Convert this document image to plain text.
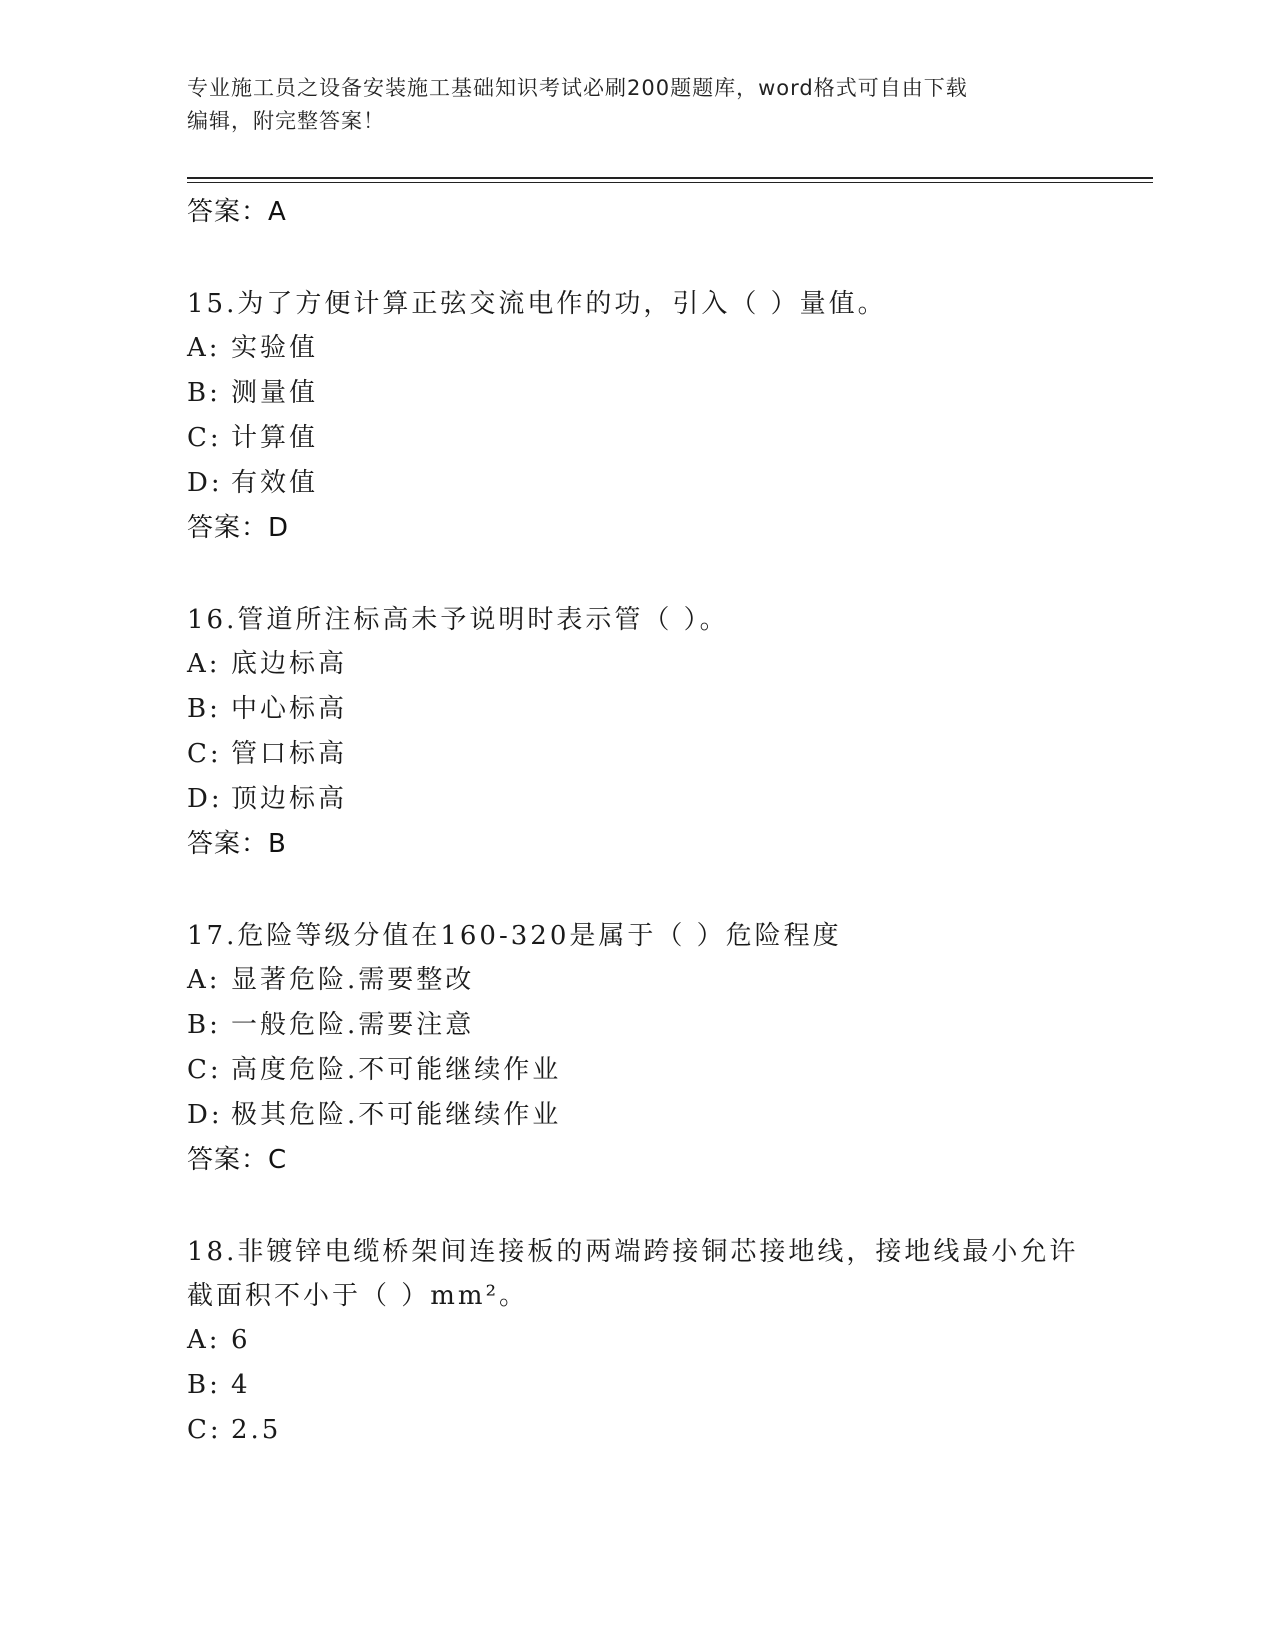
专业施工员之设备安装施工基础知识考试必刷200题题库，word格式可自由下载
编辑，附完整答案！
答案：A
15.为了方便计算正弦交流电作的功，引入（ ）量值。
A: 实验值
B: 测量值
C: 计算值
D: 有效值
答案：D
16.管道所注标高未予说明时表示管（ ）。
A: 底边标高
B: 中心标高
C: 管口标高
D: 顶边标高
答案：B
17.危险等级分值在160-320是属于（ ）危险程度
A: 显著危险.需要整改
B: 一般危险.需要注意
C: 高度危险.不可能继续作业
D: 极其危险.不可能继续作业
答案：C
18.非镀锌电缆桥架间连接板的两端跨接铜芯接地线，接地线最小允许
截面积不小于（ ）mm²。
A: 6
B: 4
C: 2.5
